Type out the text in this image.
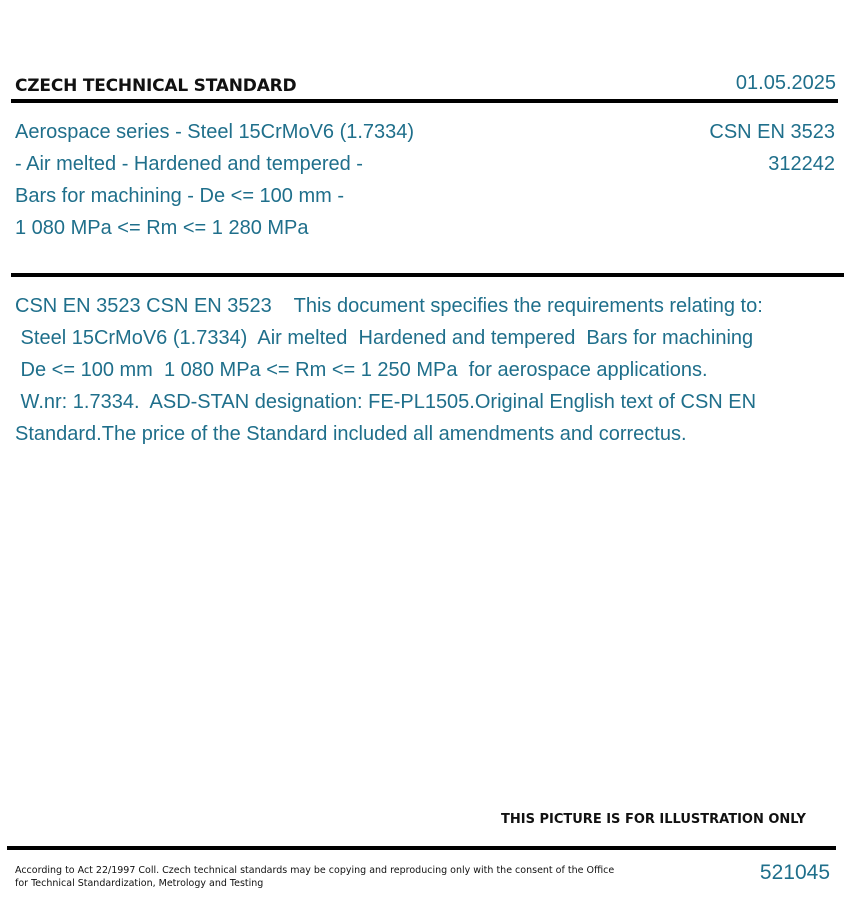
CZECH TECHNICAL STANDARD	01.05.2025
Aerospace series - Steel 15CrMoV6 (1.7334)
- Air melted - Hardened and tempered -
Bars for machining - De <= 100 mm -
1 080 MPa <= Rm <= 1 280 MPa
CSN EN 3523
312242
CSN EN 3523 CSN EN 3523    This document specifies the requirements relating to:
Steel 15CrMoV6 (1.7334)  Air melted  Hardened and tempered  Bars for machining
De <= 100 mm  1 080 MPa <= Rm <= 1 250 MPa  for aerospace applications.
W.nr: 1.7334.  ASD-STAN designation: FE-PL1505.Original English text of CSN EN
Standard.The price of the Standard included all amendments and correctus.
THIS PICTURE IS FOR ILLUSTRATION ONLY
According to Act 22/1997 Coll. Czech technical standards may be copying and reproducing only with the consent of the Office
for Technical Standardization, Metrology and Testing	521045
